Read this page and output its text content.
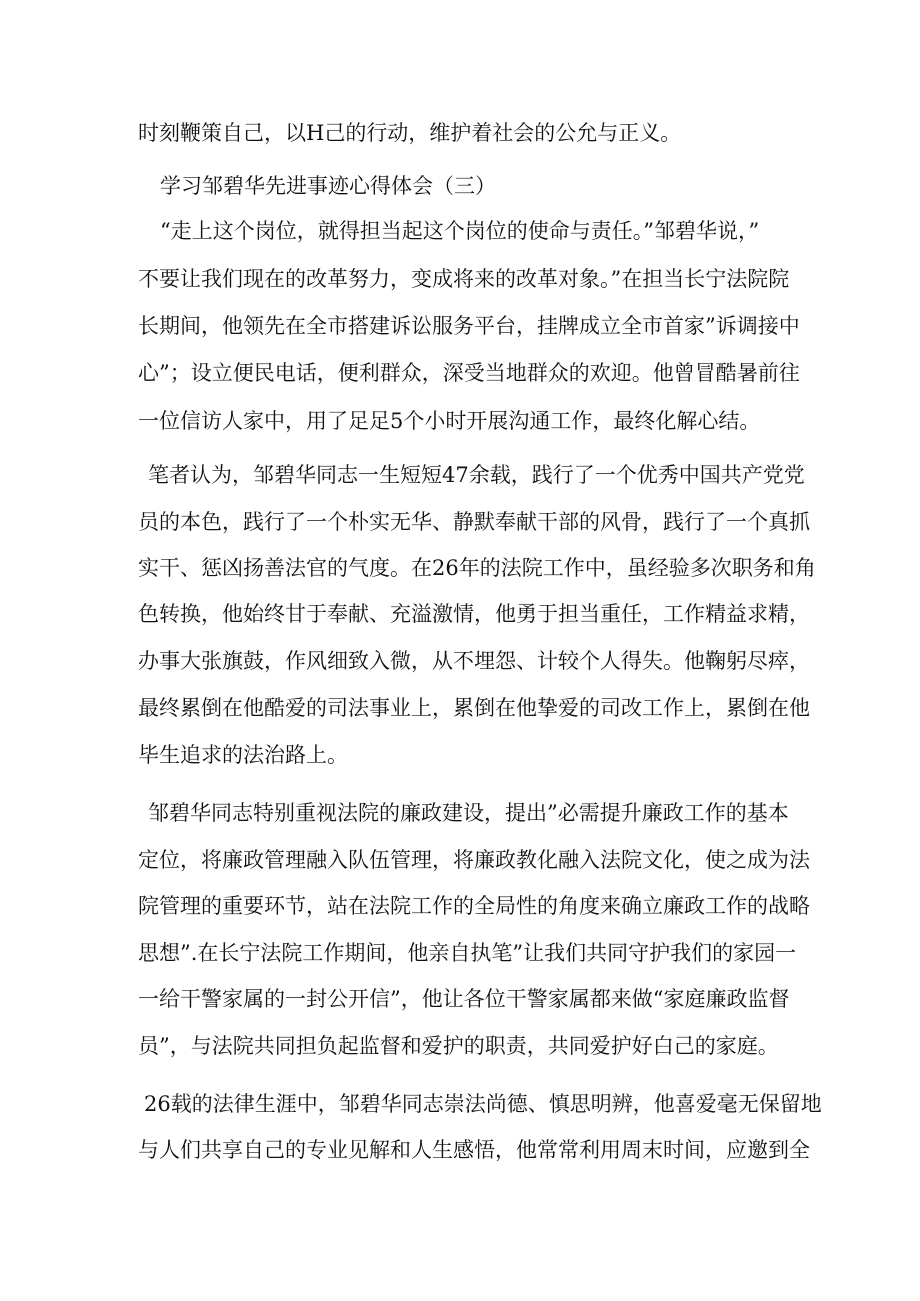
时刻鞭策自己，以H己的行动，维护着社会的公允与正义。
学习邹碧华先进事迹心得体会（三）
“走上这个岗位，就得担当起这个岗位的使命与责任。”邹碧华说，”
不要让我们现在的改革努力，变成将来的改革对象。”在担当长宁法院院
长期间，他领先在全市搭建诉讼服务平台，挂牌成立全市首家”诉调接中
心”；设立便民电话，便利群众，深受当地群众的欢迎。他曾冒酷暑前往
一位信访人家中，用了足足5个小时开展沟通工作，最终化解心结。
笔者认为，邹碧华同志一生短短47余载，践行了一个优秀中国共产党党
员的本色，践行了一个朴实无华、静默奉献干部的风骨，践行了一个真抓
实干、惩凶扬善法官的气度。在26年的法院工作中，虽经验多次职务和角
色转换，他始终甘于奉献、充溢激情，他勇于担当重任，工作精益求精，
办事大张旗鼓，作风细致入微，从不埋怨、计较个人得失。他鞠躬尽瘁，
最终累倒在他酷爱的司法事业上，累倒在他挚爱的司改工作上，累倒在他
毕生追求的法治路上。
邹碧华同志特别重视法院的廉政建设，提出”必需提升廉政工作的基本
定位，将廉政管理融入队伍管理，将廉政教化融入法院文化，使之成为法
院管理的重要环节，站在法院工作的全局性的角度来确立廉政工作的战略
思想”.在长宁法院工作期间，他亲自执笔”让我们共同守护我们的家园一
一给干警家属的一封公开信”，他让各位干警家属都来做“家庭廉政监督
员”，与法院共同担负起监督和爱护的职责，共同爱护好白己的家庭。
26载的法律生涯中，邹碧华同志崇法尚德、慎思明辨，他喜爱毫无保留地
与人们共享自己的专业见解和人生感悟，他常常利用周末时间，应邀到全
